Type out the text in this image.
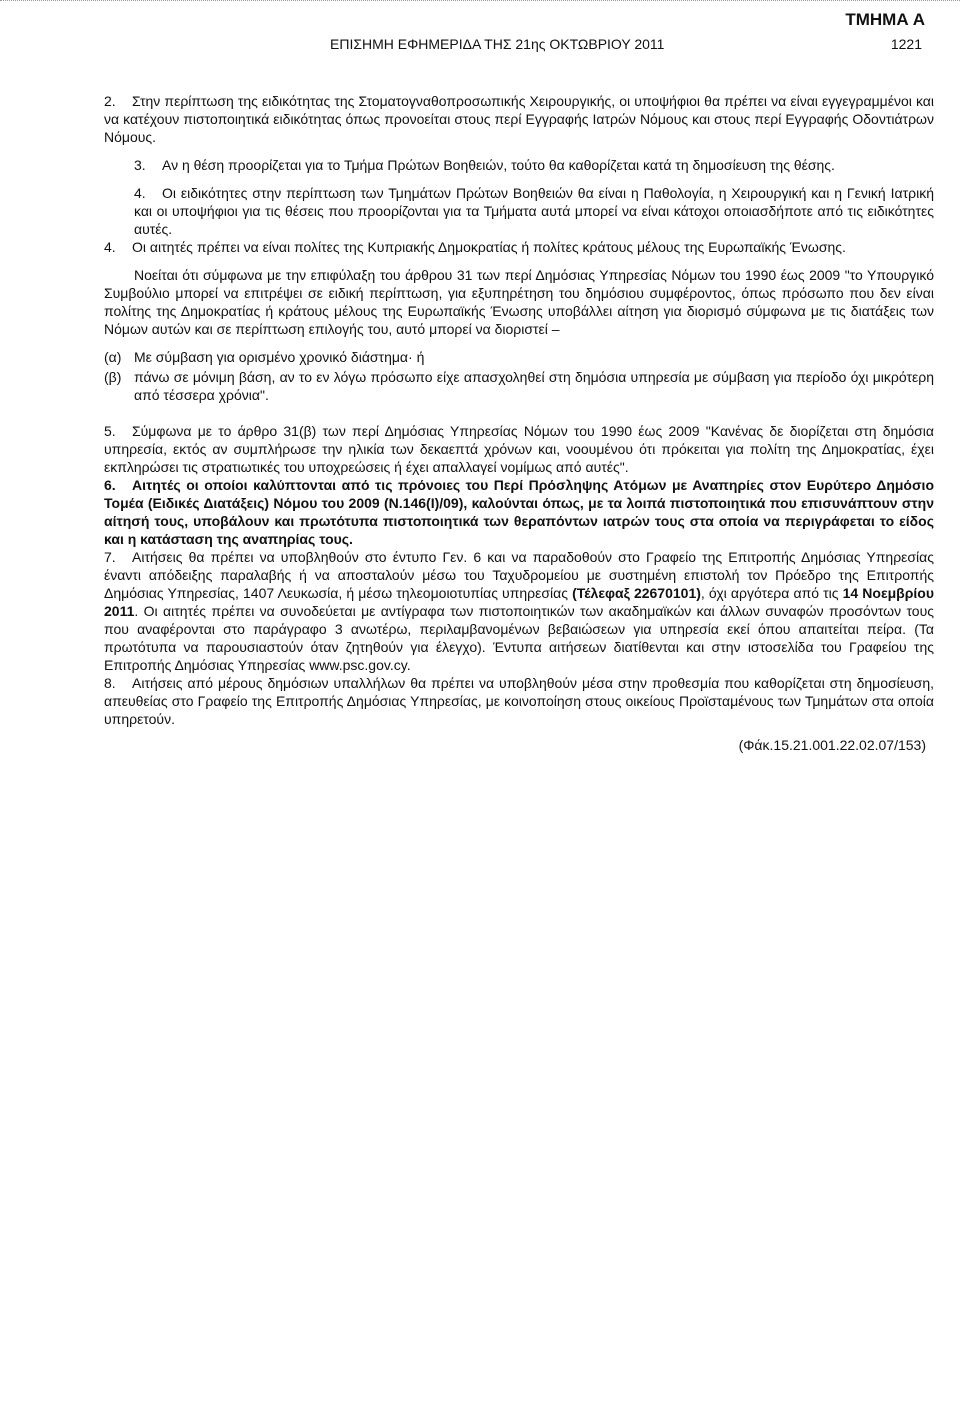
ΤΜΗΜΑ Α
ΕΠΙΣΗΜΗ ΕΦΗΜΕΡΙΔΑ ΤΗΣ 21ης ΟΚΤΩΒΡΙΟΥ 2011	1221

2. Στην περίπτωση της ειδικότητας της Στοματογναθοπροσωπικής Χειρουργικής, οι υποψήφιοι θα πρέπει να είναι εγγεγραμμένοι και να κατέχουν πιστοποιητικά ειδικότητας όπως προνοείται στους περί Εγγραφής Ιατρών Νόμους και στους περί Εγγραφής Οδοντιάτρων Νόμους.

3. Αν η θέση προορίζεται για το Τμήμα Πρώτων Βοηθειών, τούτο θα καθορίζεται κατά τη δημοσίευση της θέσης.

4. Οι ειδικότητες στην περίπτωση των Τμημάτων Πρώτων Βοηθειών θα είναι η Παθολογία, η Χειρουργική και η Γενική Ιατρική και οι υποψήφιοι για τις θέσεις που προορίζονται για τα Τμήματα αυτά μπορεί να είναι κάτοχοι οποιασδήποτε από τις ειδικότητες αυτές.

4. Οι αιτητές πρέπει να είναι πολίτες της Κυπριακής Δημοκρατίας ή πολίτες κράτους μέλους της Ευρωπαϊκής Ένωσης.

Νοείται ότι σύμφωνα με την επιφύλαξη του άρθρου 31 των περί Δημόσιας Υπηρεσίας Νόμων του 1990 έως 2009 "το Υπουργικό Συμβούλιο μπορεί να επιτρέψει σε ειδική περίπτωση, για εξυπηρέτηση του δημόσιου συμφέροντος, όπως πρόσωπο που δεν είναι πολίτης της Δημοκρατίας ή κράτους μέλους της Ευρωπαϊκής Ένωσης υποβάλλει αίτηση για διορισμό σύμφωνα με τις διατάξεις των Νόμων αυτών και σε περίπτωση επιλογής του, αυτό μπορεί να διοριστεί –

(α) Με σύμβαση για ορισμένο χρονικό διάστημα· ή
(β) πάνω σε μόνιμη βάση, αν το εν λόγω πρόσωπο είχε απασχοληθεί στη δημόσια υπηρεσία με σύμβαση για περίοδο όχι μικρότερη από τέσσερα χρόνια".

5. Σύμφωνα με το άρθρο 31(β) των περί Δημόσιας Υπηρεσίας Νόμων του 1990 έως 2009 "Κανένας δε διορίζεται στη δημόσια υπηρεσία, εκτός αν συμπλήρωσε την ηλικία των δεκαεπτά χρόνων και, νοουμένου ότι πρόκειται για πολίτη της Δημοκρατίας, έχει εκπληρώσει τις στρατιωτικές του υποχρεώσεις ή έχει απαλλαγεί νομίμως από αυτές".

6. Αιτητές οι οποίοι καλύπτονται από τις πρόνοιες του Περί Πρόσληψης Ατόμων με Αναπηρίες στον Ευρύτερο Δημόσιο Τομέα (Ειδικές Διατάξεις) Νόμου του 2009 (Ν.146(Ι)/09), καλούνται όπως, με τα λοιπά πιστοποιητικά που επισυνάπτουν στην αίτησή τους, υποβάλουν και πρωτότυπα πιστοποιητικά των θεραπόντων ιατρών τους στα οποία να περιγράφεται το είδος και η κατάσταση της αναπηρίας τους.

7. Αιτήσεις θα πρέπει να υποβληθούν στο έντυπο Γεν. 6 και να παραδοθούν στο Γραφείο της Επιτροπής Δημόσιας Υπηρεσίας έναντι απόδειξης παραλαβής ή να αποσταλούν μέσω του Ταχυδρομείου με συστημένη επιστολή τον Πρόεδρο της Επιτροπής Δημόσιας Υπηρεσίας, 1407 Λευκωσία, ή μέσω τηλεομοιοτυπίας υπηρεσίας (Τέλεφαξ 22670101), όχι αργότερα από τις 14 Νοεμβρίου 2011. Οι αιτητές πρέπει να συνοδεύεται με αντίγραφα των πιστοποιητικών των ακαδημαϊκών και άλλων συναφών προσόντων τους που αναφέρονται στο παράγραφο 3 ανωτέρω, περιλαμβανομένων βεβαιώσεων για υπηρεσία εκεί όπου απαιτείται πείρα. (Τα πρωτότυπα να παρουσιαστούν όταν ζητηθούν για έλεγχο). Έντυπα αιτήσεων διατίθενται και στην ιστοσελίδα του Γραφείου της Επιτροπής Δημόσιας Υπηρεσίας www.psc.gov.cy.

8. Αιτήσεις από μέρους δημόσιων υπαλλήλων θα πρέπει να υποβληθούν μέσα στην προθεσμία που καθορίζεται στη δημοσίευση, απευθείας στο Γραφείο της Επιτροπής Δημόσιας Υπηρεσίας, με κοινοποίηση στους οικείους Προϊσταμένους των Τμημάτων στα οποία υπηρετούν.

(Φάκ.15.21.001.22.02.07/153)
